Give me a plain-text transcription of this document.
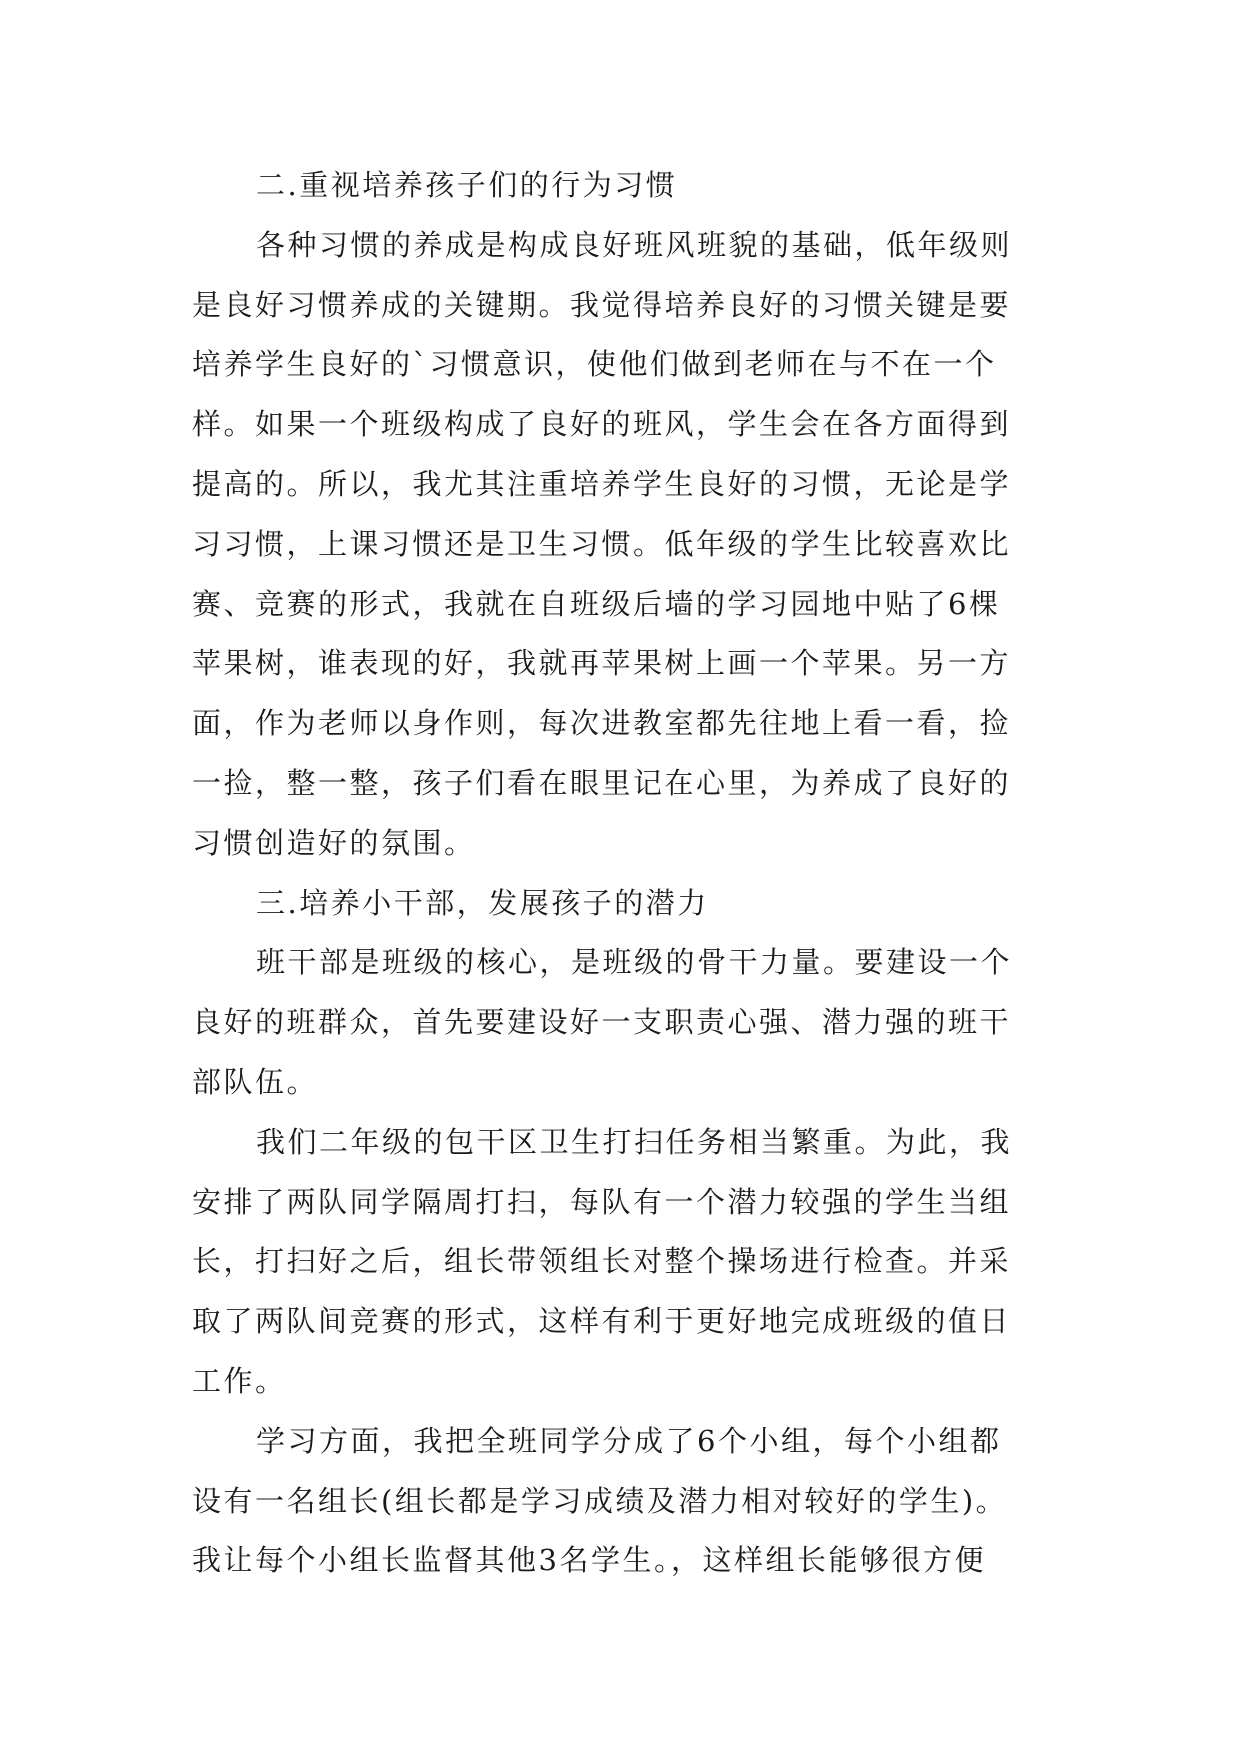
二.重视培养孩子们的行为习惯
各种习惯的养成是构成良好班风班貌的基础，低年级则
是良好习惯养成的关键期。我觉得培养良好的习惯关键是要
培养学生良好的`习惯意识，使他们做到老师在与不在一个
样。如果一个班级构成了良好的班风，学生会在各方面得到
提高的。所以，我尤其注重培养学生良好的习惯，无论是学
习习惯，上课习惯还是卫生习惯。低年级的学生比较喜欢比
赛、竞赛的形式，我就在自班级后墙的学习园地中贴了6棵
苹果树，谁表现的好，我就再苹果树上画一个苹果。另一方
面，作为老师以身作则，每次进教室都先往地上看一看，捡
一捡，整一整，孩子们看在眼里记在心里，为养成了良好的
习惯创造好的氛围。
三.培养小干部，发展孩子的潜力
班干部是班级的核心，是班级的骨干力量。要建设一个
良好的班群众，首先要建设好一支职责心强、潜力强的班干
部队伍。
我们二年级的包干区卫生打扫任务相当繁重。为此，我
安排了两队同学隔周打扫，每队有一个潜力较强的学生当组
长，打扫好之后，组长带领组长对整个操场进行检查。并采
取了两队间竞赛的形式，这样有利于更好地完成班级的值日
工作。
学习方面，我把全班同学分成了6个小组，每个小组都
设有一名组长(组长都是学习成绩及潜力相对较好的学生)。
我让每个小组长监督其他3名学生。，这样组长能够很方便
